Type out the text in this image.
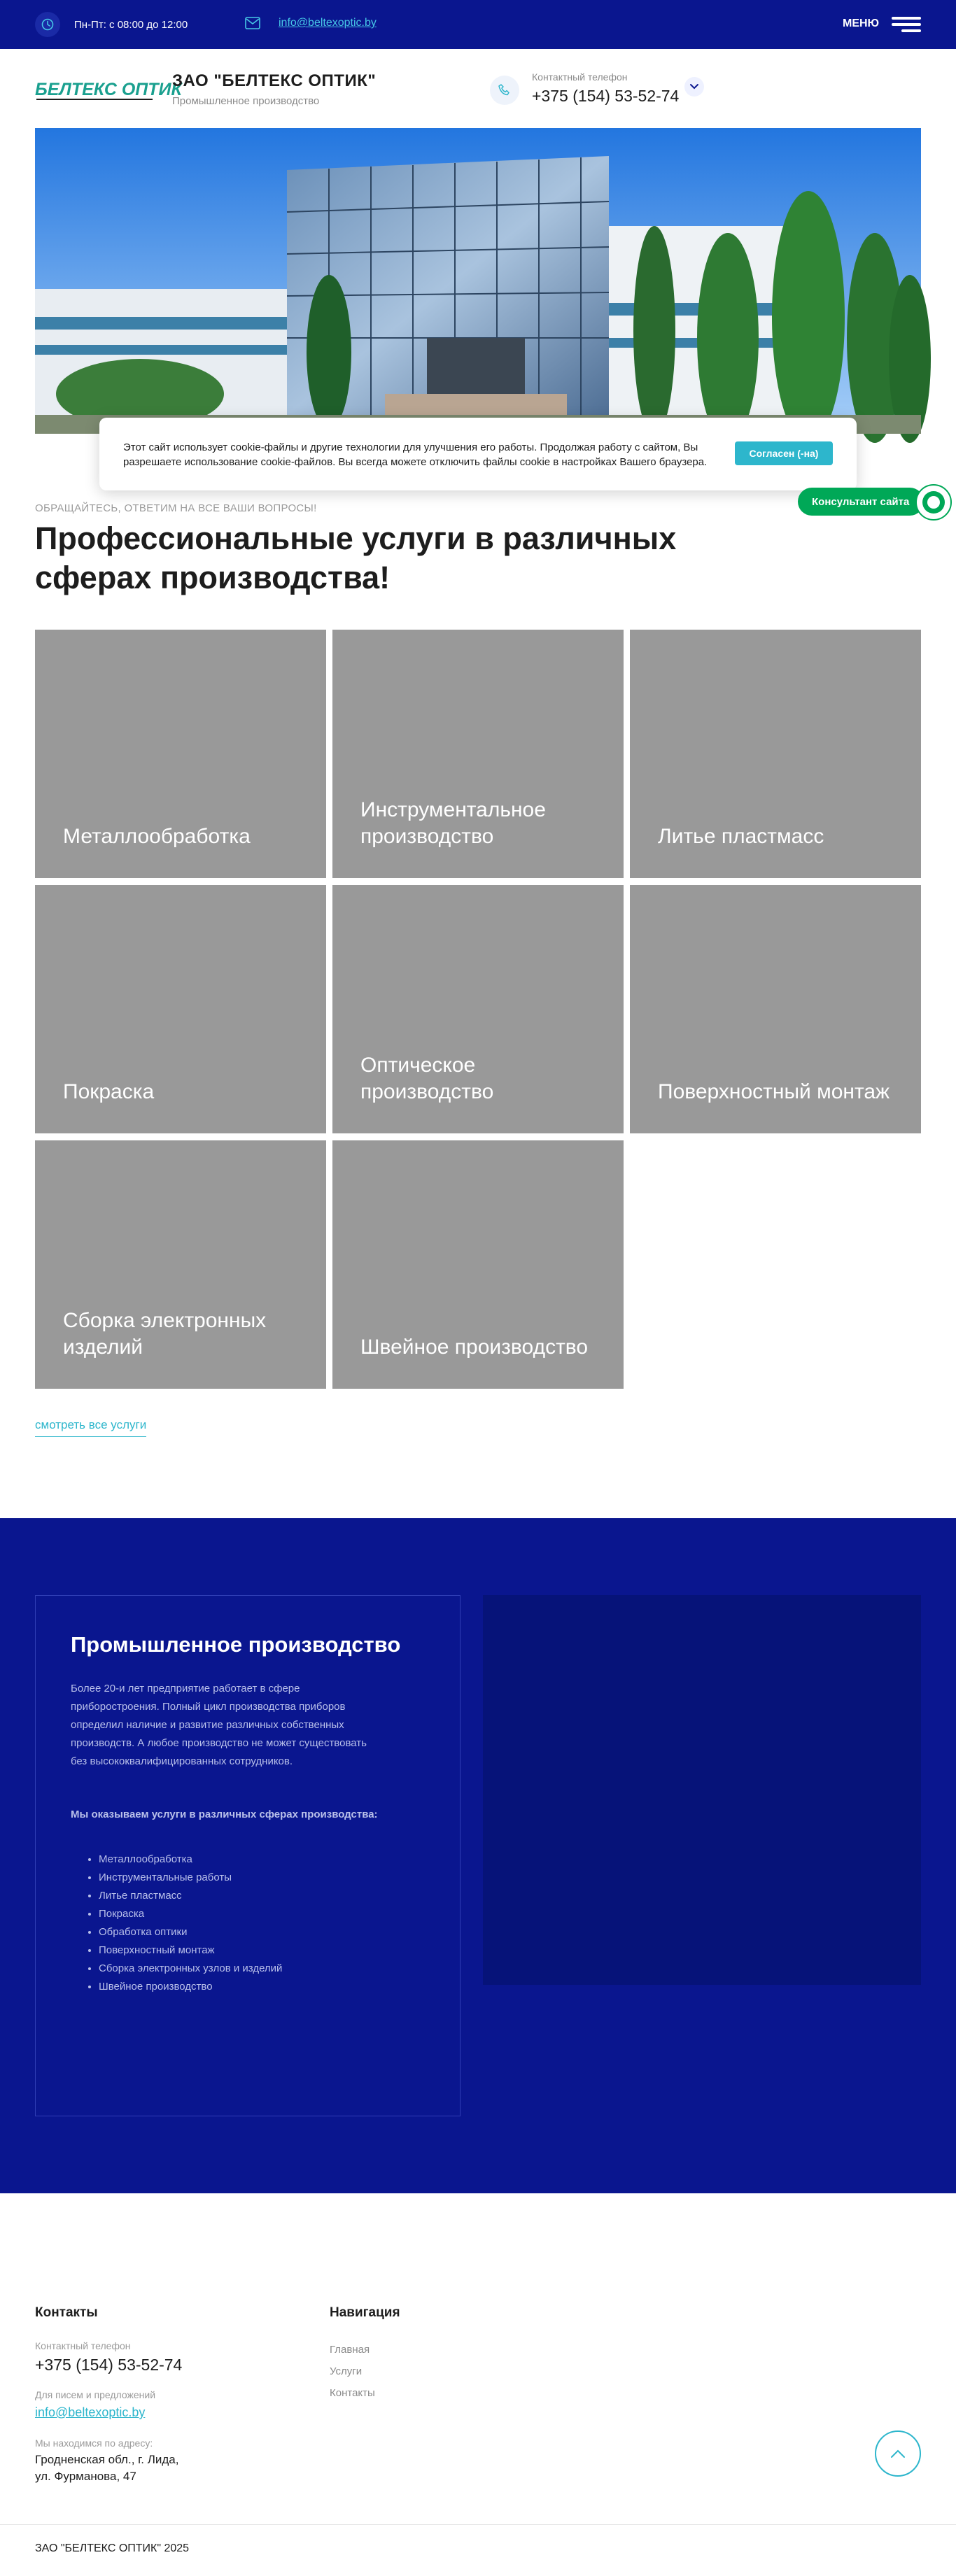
Пн-Пт: с 08:00 до 12:00	info@beltexoptic.by	МЕНЮ
БЕЛТЕКС ОПТИК
ЗАО "БЕЛТЕКС ОПТИК"
Промышленное производство
Контактный телефон
+375 (154) 53-52-74

Этот сайт использует cookie-файлы и другие технологии для улучшения его работы. Продолжая работу с сайтом, Вы разрешаете использование cookie-файлов. Вы всегда можете отключить файлы cookie в настройках Вашего браузера.

Согласен (-на)
Консультант сайта
ОБРАЩАЙТЕСЬ, ОТВЕТИМ НА ВСЕ ВАШИ ВОПРОСЫ!
Профессиональные услуги в различных сферах производства!
Металлообработка
Инструментальное производство	Литье пластмасс
Покраска
Оптическое производство	Поверхностный монтаж
Сборка электронных изделий	Швейное производство
смотреть все услуги
Промышленное производство

Более 20-и лет предприятие работает в сфере приборостроения. Полный цикл производства приборов определил наличие и развитие различных собственных производств. А любое производство не может существовать без высококвалифицированных сотрудников.

Мы оказываем услуги в различных сферах производства:

• Металлообработка
• Инструментальные работы
• Литье пластмасс
• Покраска
• Обработка оптики
• Поверхностный монтаж
• Сборка электронных узлов и изделий
• Швейное производство
Контакты
Контактный телефон
+375 (154) 53-52-74
Для писем и предложений
info@beltexoptic.by
Мы находимся по адресу:
Гродненская обл., г. Лида,
ул. Фурманова, 47
Навигация
Главная
Услуги
Контакты
ЗАО "БЕЛТЕКС ОПТИК" 2025
